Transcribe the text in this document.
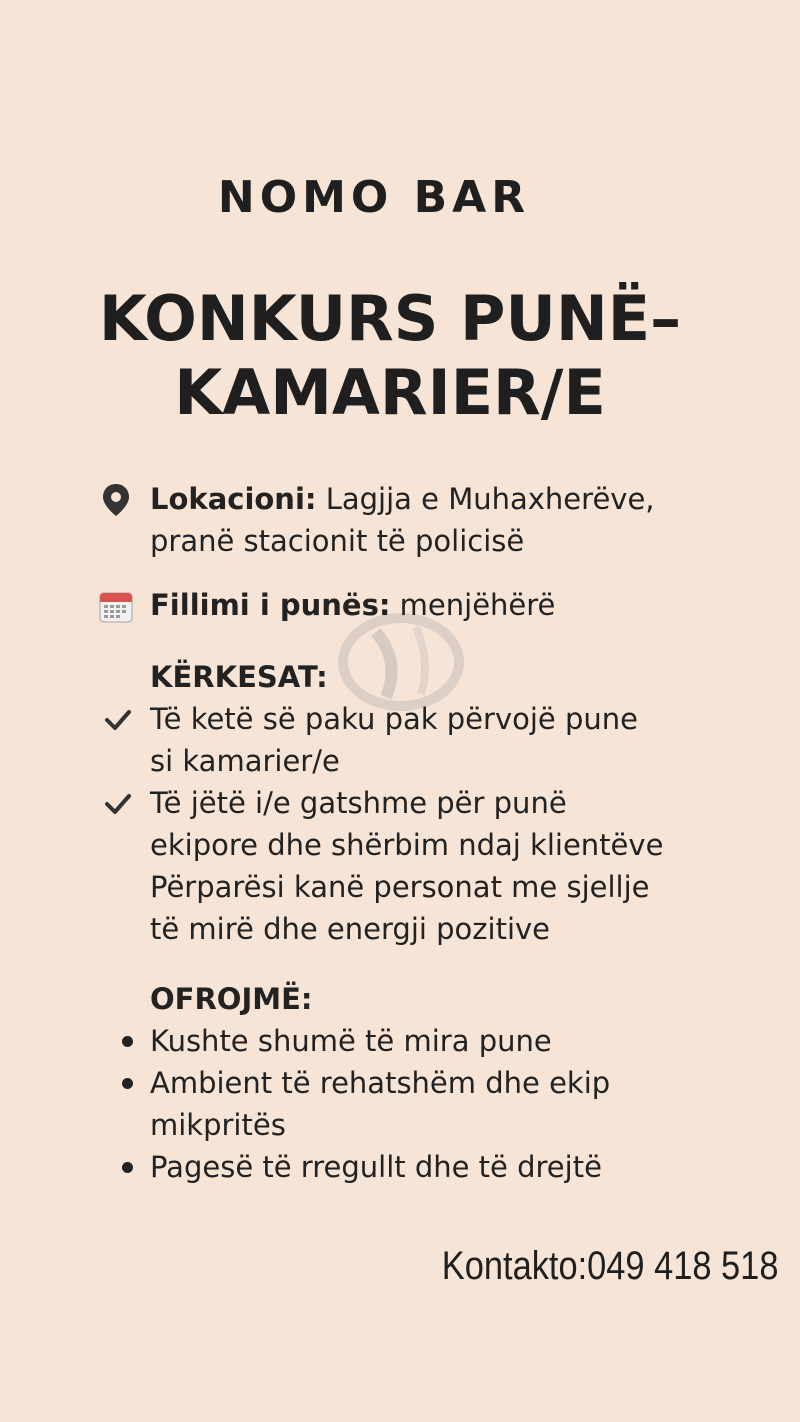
NOMO BAR
KONKURS PUNË–
KAMARIER/E

Lokacioni: Lagjja e Muhaxherëve,
pranë stacionit të policisë

Fillimi i punës: menjëhërë

KËRKESAT:

Të ketë së paku pak përvojë pune
si kamarier/e
Të jëtë i/e gatshme për punë
ekipore dhe shërbim ndaj klientëve
Përparësi kanë personat me sjellje
të mirë dhe energji pozitive

OFROJMË:

Kushte shumë të mira pune
Ambient të rehatshëm dhe ekip
mikpritës
Pagesë të rregullt dhe të drejtë
Kontakto:049 418 518
